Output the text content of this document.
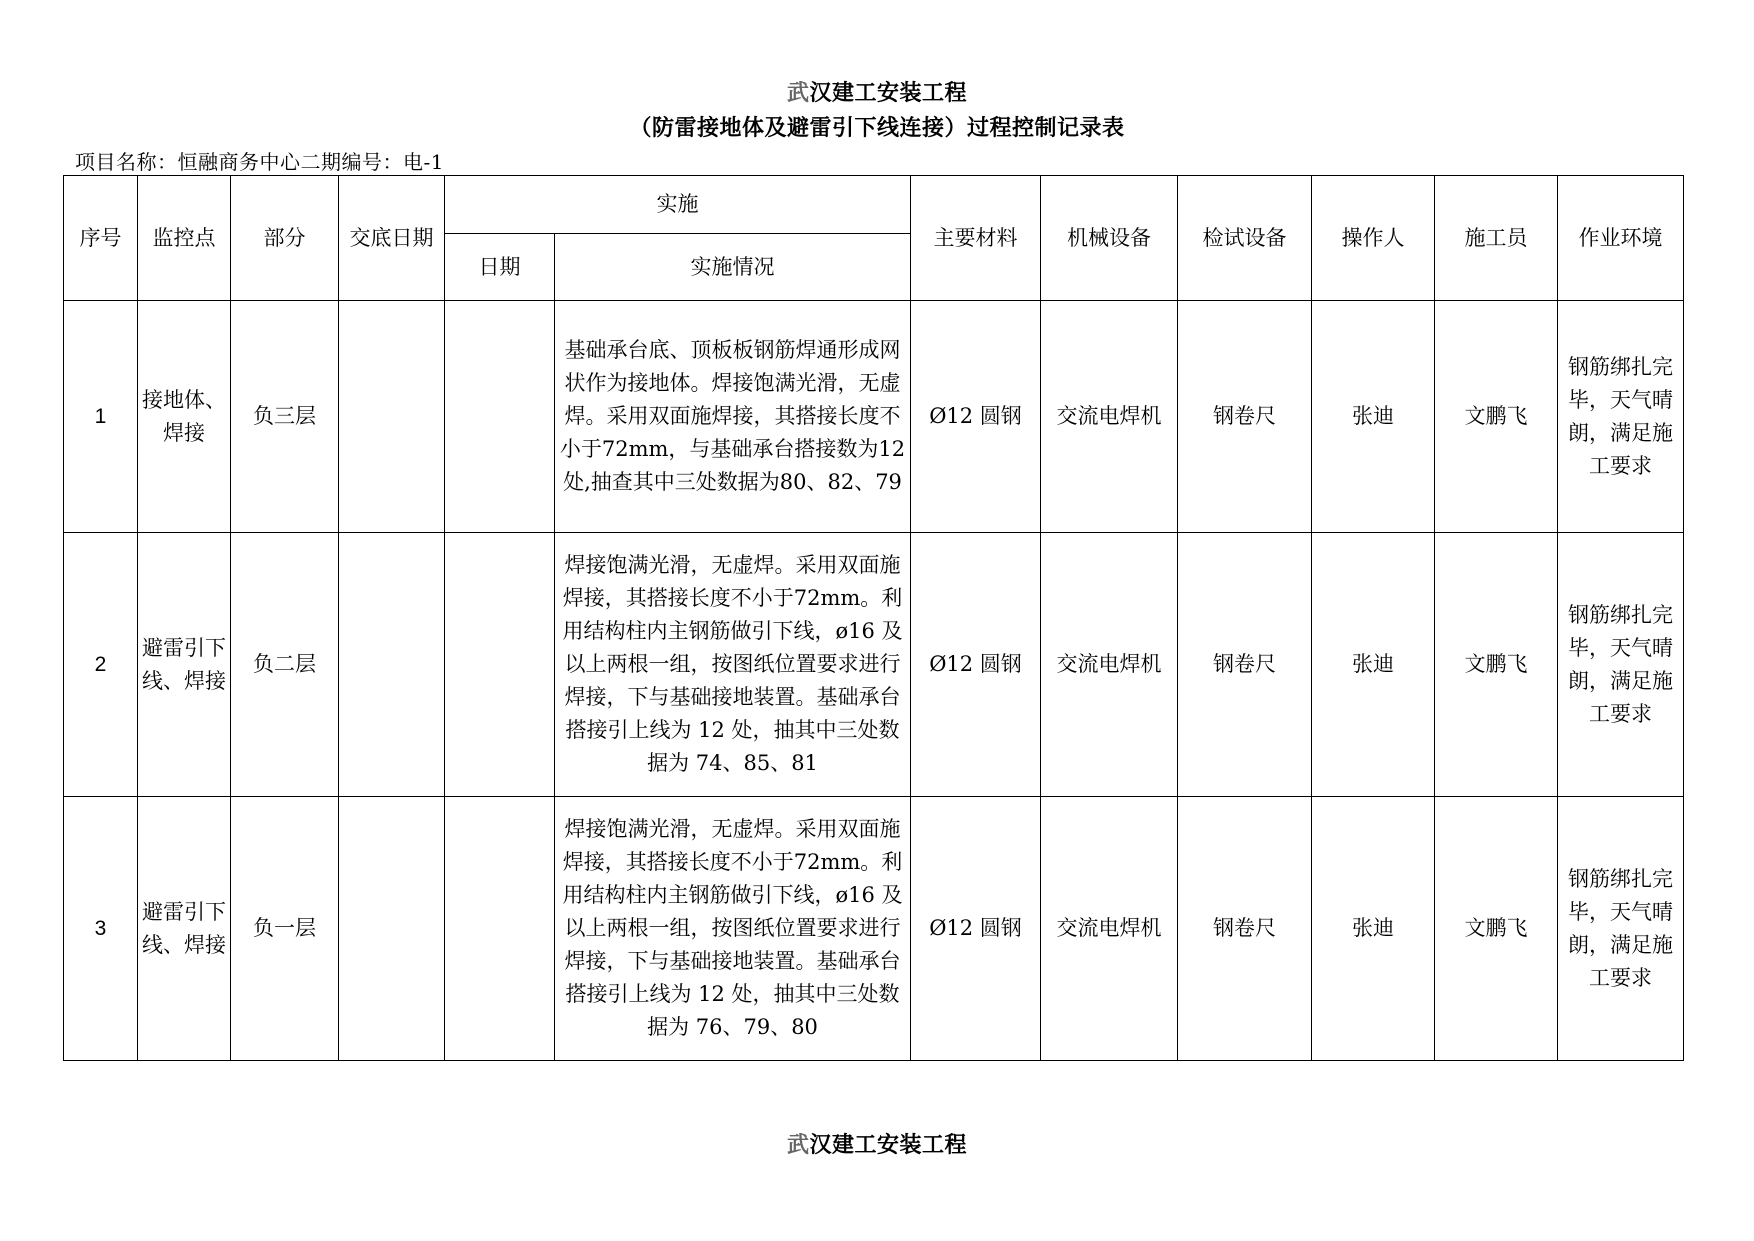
武汉建工安装工程
（防雷接地体及避雷引下线连接）过程控制记录表
项目名称：恒融商务中心二期编号：电-1
序号	监控点	部分	交底日期	实施		主要材料	机械设备	检试设备	操作人	施工员	作业环境
				日期	实施情况						
1	接地体、焊接	负三层			基础承台底、顶板板钢筋焊通形成网状作为接地体。焊接饱满光滑，无虚焊。采用双面施焊接，其搭接长度不小于72mm，与基础承台搭接数为12处,抽查其中三处数据为80、82、79	Ø12 圆钢	交流电焊机	钢卷尺	张迪	文鹏飞	钢筋绑扎完毕，天气晴朗，满足施工要求
2	避雷引下线、焊接	负二层			焊接饱满光滑，无虚焊。采用双面施焊接，其搭接长度不小于72mm。利用结构柱内主钢筋做引下线，ø16 及以上两根一组，按图纸位置要求进行焊接，下与基础接地装置。基础承台搭接引上线为 12 处，抽其中三处数据为 74、85、81	Ø12 圆钢	交流电焊机	钢卷尺	张迪	文鹏飞	钢筋绑扎完毕，天气晴朗，满足施工要求
3	避雷引下线、焊接	负一层			焊接饱满光滑，无虚焊。采用双面施焊接，其搭接长度不小于72mm。利用结构柱内主钢筋做引下线，ø16 及以上两根一组，按图纸位置要求进行焊接，下与基础接地装置。基础承台搭接引上线为 12 处，抽其中三处数据为 76、79、80	Ø12 圆钢	交流电焊机	钢卷尺	张迪	文鹏飞	钢筋绑扎完毕，天气晴朗，满足施工要求
武汉建工安装工程
